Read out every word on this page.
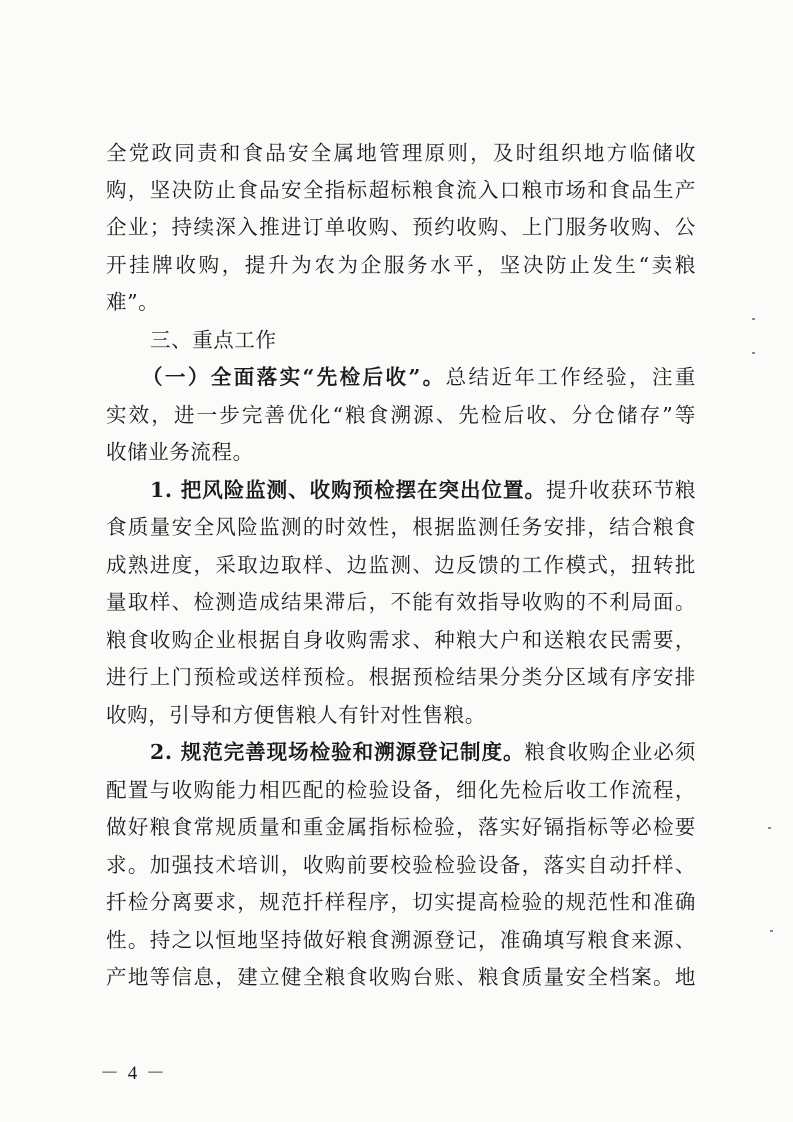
全党政同责和食品安全属地管理原则，及时组织地方临储收
购，坚决防止食品安全指标超标粮食流入口粮市场和食品生产
企业；持续深入推进订单收购、预约收购、上门服务收购、公
开挂牌收购，提升为农为企服务水平，坚决防止发生“卖粮
难”。
三、重点工作
（一）全面落实“先检后收”。总结近年工作经验，注重
实效，进一步完善优化“粮食溯源、先检后收、分仓储存”等
收储业务流程。
1. 把风险监测、收购预检摆在突出位置。提升收获环节粮
食质量安全风险监测的时效性，根据监测任务安排，结合粮食
成熟进度，采取边取样、边监测、边反馈的工作模式，扭转批
量取样、检测造成结果滞后，不能有效指导收购的不利局面。
粮食收购企业根据自身收购需求、种粮大户和送粮农民需要，
进行上门预检或送样预检。根据预检结果分类分区域有序安排
收购，引导和方便售粮人有针对性售粮。
2. 规范完善现场检验和溯源登记制度。粮食收购企业必须
配置与收购能力相匹配的检验设备，细化先检后收工作流程，
做好粮食常规质量和重金属指标检验，落实好镉指标等必检要
求。加强技术培训，收购前要校验检验设备，落实自动扦样、
扦检分离要求，规范扦样程序，切实提高检验的规范性和准确
性。持之以恒地坚持做好粮食溯源登记，准确填写粮食来源、
产地等信息，建立健全粮食收购台账、粮食质量安全档案。地
－ 4 －
